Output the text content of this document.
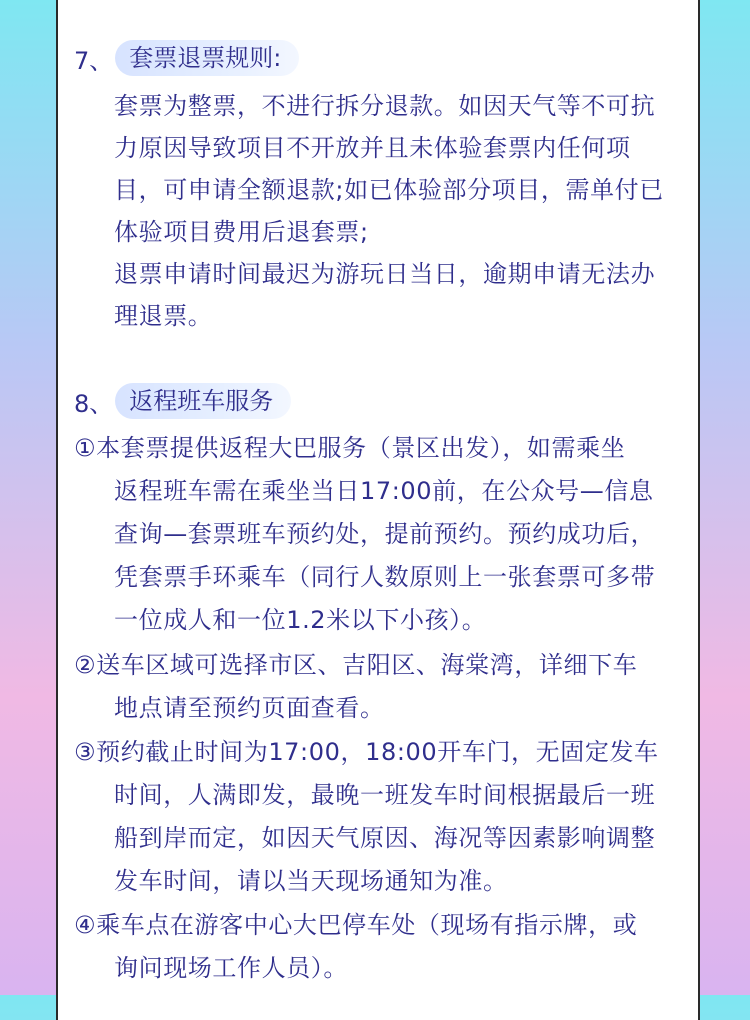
7、 套票退票规则:
套票为整票，不进行拆分退款。如因天气等不可抗
力原因导致项目不开放并且未体验套票内任何项
目，可申请全额退款;如已体验部分项目，需单付已
体验项目费用后退套票;
退票申请时间最迟为游玩日当日，逾期申请无法办
理退票。
8、 返程班车服务
①本套票提供返程大巴服务（景区出发），如需乘坐
返程班车需在乘坐当日17:00前，在公众号—信息
查询—套票班车预约处，提前预约。预约成功后，
凭套票手环乘车（同行人数原则上一张套票可多带
一位成人和一位1.2米以下小孩）。
②送车区域可选择市区、吉阳区、海棠湾，详细下车
地点请至预约页面查看。
③预约截止时间为17:00，18:00开车门，无固定发车
时间，人满即发，最晚一班发车时间根据最后一班
船到岸而定，如因天气原因、海况等因素影响调整
发车时间，请以当天现场通知为准。
④乘车点在游客中心大巴停车处（现场有指示牌，或
询问现场工作人员）。
